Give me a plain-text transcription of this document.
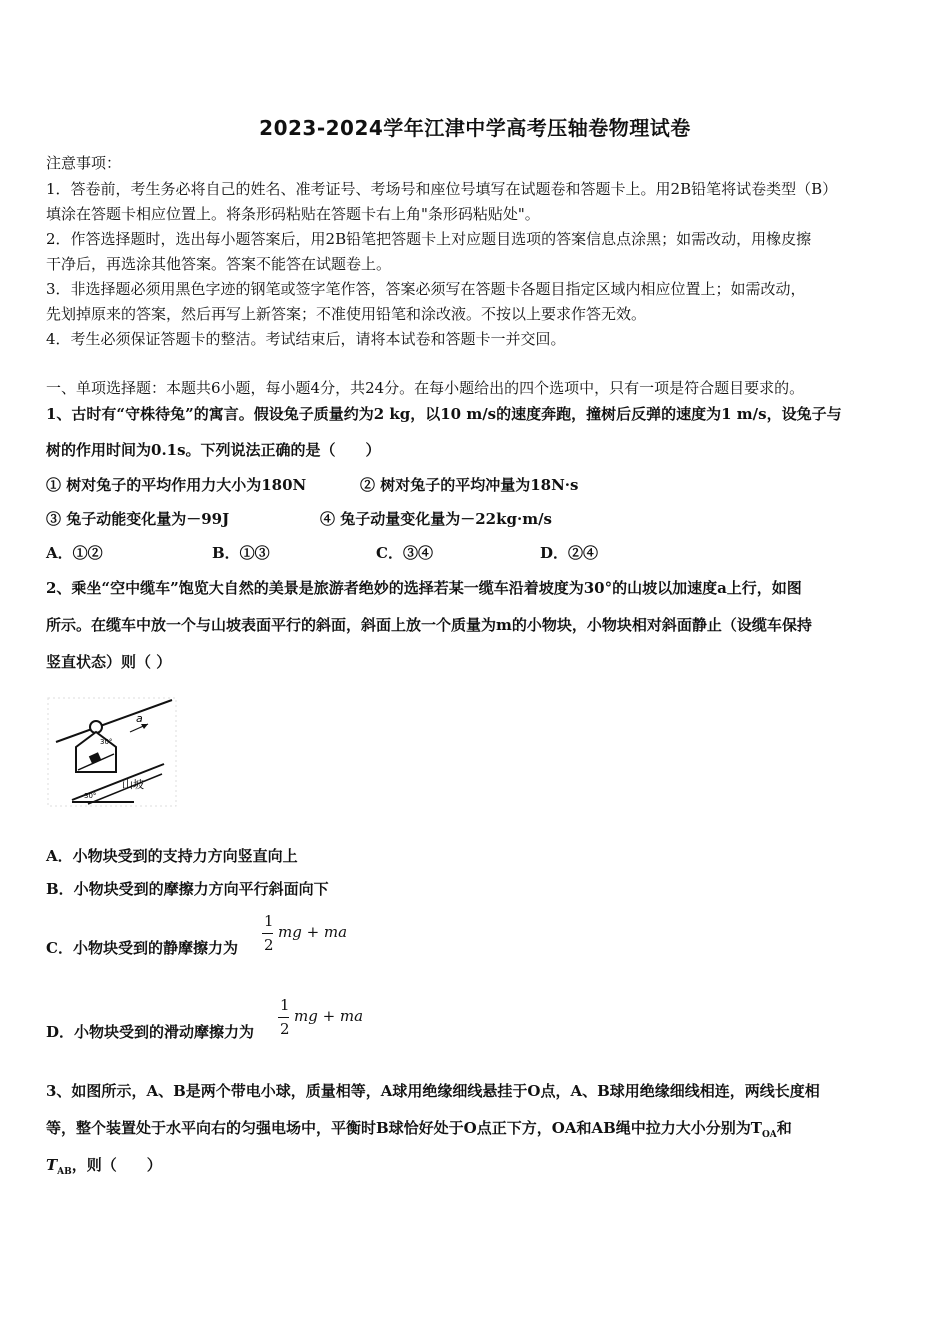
2023-2024学年江津中学高考压轴卷物理试卷
注意事项：
1．答卷前，考生务必将自己的姓名、准考证号、考场号和座位号填写在试题卷和答题卡上。用2B铅笔将试卷类型（B）
填涂在答题卡相应位置上。将条形码粘贴在答题卡右上角"条形码粘贴处"。
2．作答选择题时，选出每小题答案后，用2B铅笔把答题卡上对应题目选项的答案信息点涂黑；如需改动，用橡皮擦
干净后，再选涂其他答案。答案不能答在试题卷上。
3．非选择题必须用黑色字迹的钢笔或签字笔作答，答案必须写在答题卡各题目指定区域内相应位置上；如需改动，
先划掉原来的答案，然后再写上新答案；不准使用铅笔和涂改液。不按以上要求作答无效。
4．考生必须保证答题卡的整洁。考试结束后，请将本试卷和答题卡一并交回。
一、单项选择题：本题共6小题，每小题4分，共24分。在每小题给出的四个选项中，只有一项是符合题目要求的。
1、古时有“守株待兔”的寓言。假设兔子质量约为2 kg，以10 m/s的速度奔跑，撞树后反弹的速度为1 m/s，设兔子与
树的作用时间为0.1s。下列说法正确的是（　　）
① 树对兔子的平均作用力大小为180N	② 树对兔子的平均冲量为18N·s
③ 兔子动能变化量为－99J	④ 兔子动量变化量为－22kg·m/s
A．①②	B．①③	C．③④	D．②④
2、乘坐“空中缆车”饱览大自然的美景是旅游者绝妙的选择若某一缆车沿着坡度为30°的山坡以加速度a上行，如图
所示。在缆车中放一个与山坡表面平行的斜面，斜面上放一个质量为m的小物块，小物块相对斜面静止（设缆车保持
竖直状态）则（ ）
a
山坡
30°
30°
A．小物块受到的支持力方向竖直向上
B．小物块受到的摩擦力方向平行斜面向下
C．小物块受到的静摩擦力为
1
2
mg + ma
D．小物块受到的滑动摩擦力为
1
2
mg + ma
3、如图所示，A、B是两个带电小球，质量相等，A球用绝缘细线悬挂于O点，A、B球用绝缘细线相连，两线长度相
等，整个装置处于水平向右的匀强电场中，平衡时B球恰好处于O点正下方，OA和AB绳中拉力大小分别为$T_{OA}$和
$T_{AB}$，则（　　）
